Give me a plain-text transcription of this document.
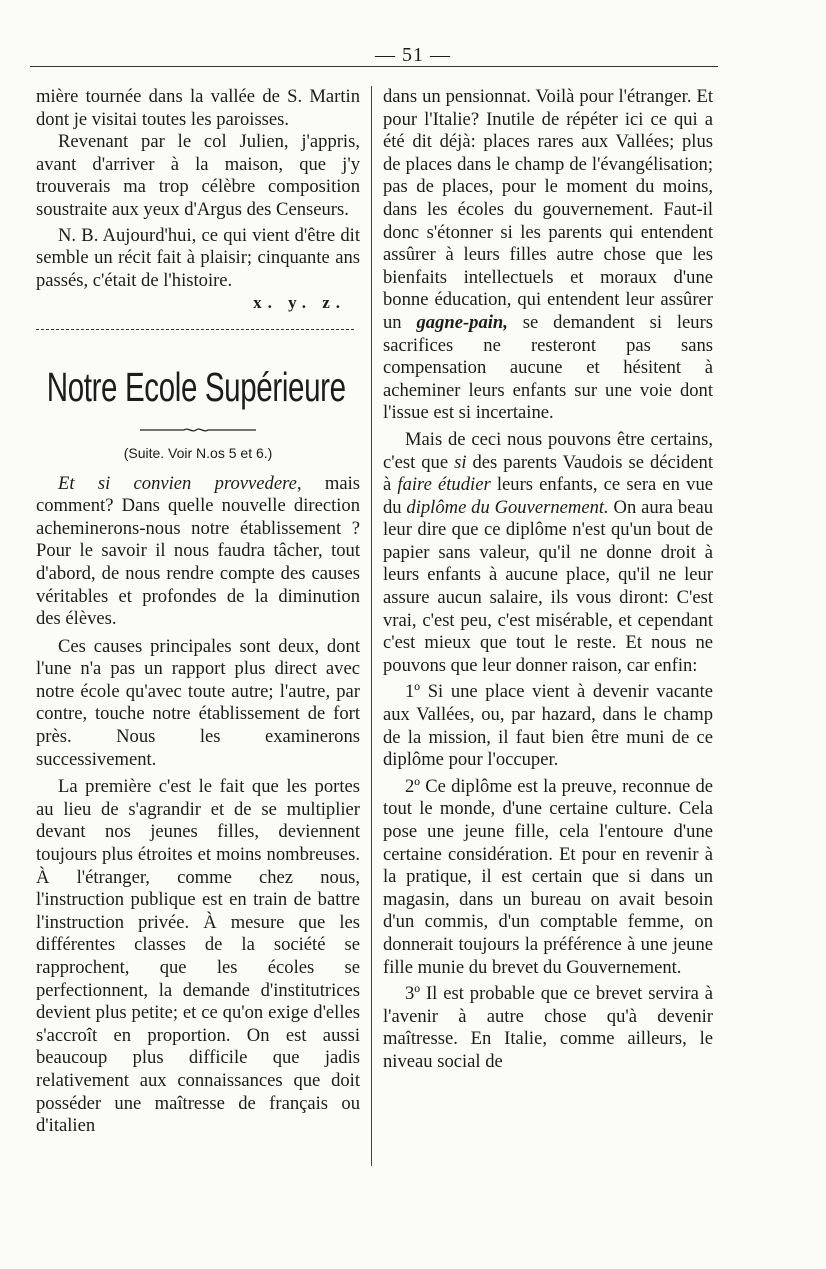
— 51 —

mière tournée dans la vallée de S. Martin dont je visitai toutes les paroisses.

Revenant par le col Julien, j'appris, avant d'arriver à la maison, que j'y trouverais ma trop célèbre composition soustraite aux yeux d'Argus des Censeurs.

N. B. Aujourd'hui, ce qui vient d'être dit semble un récit fait à plaisir; cinquante ans passés, c'était de l'histoire.

x. y. z.

Notre Ecole Supérieure
(Suite. Voir N.os 5 et 6.)

Et si convien provvedere, mais comment? Dans quelle nouvelle direction acheminerons-nous notre établissement ? Pour le savoir il nous faudra tâcher, tout d'abord, de nous rendre compte des causes véritables et profondes de la diminution des élèves.

Ces causes principales sont deux, dont l'une n'a pas un rapport plus direct avec notre école qu'avec toute autre; l'autre, par contre, touche notre établissement de fort près. Nous les examinerons successivement.

La première c'est le fait que les portes au lieu de s'agrandir et de se multiplier devant nos jeunes filles, deviennent toujours plus étroites et moins nombreuses. À l'étranger, comme chez nous, l'instruction publique est en train de battre l'instruction privée. À mesure que les différentes classes de la société se rapprochent, que les écoles se perfectionnent, la demande d'institutrices devient plus petite; et ce qu'on exige d'elles s'accroît en proportion. On est aussi beaucoup plus difficile que jadis relativement aux connaissances que doit posséder une maîtresse de français ou d'italien

dans un pensionnat. Voilà pour l'étranger. Et pour l'Italie? Inutile de répéter ici ce qui a été dit déjà: places rares aux Vallées; plus de places dans le champ de l'évangélisation; pas de places, pour le moment du moins, dans les écoles du gouvernement. Faut-il donc s'étonner si les parents qui entendent assûrer à leurs filles autre chose que les bienfaits intellectuels et moraux d'une bonne éducation, qui entendent leur assûrer un gagne-pain, se demandent si leurs sacrifices ne resteront pas sans compensation aucune et hésitent à acheminer leurs enfants sur une voie dont l'issue est si incertaine.

Mais de ceci nous pouvons être certains, c'est que si des parents Vaudois se décident à faire étudier leurs enfants, ce sera en vue du diplôme du Gouvernement. On aura beau leur dire que ce diplôme n'est qu'un bout de papier sans valeur, qu'il ne donne droit à leurs enfants à aucune place, qu'il ne leur assure aucun salaire, ils vous diront: C'est vrai, c'est peu, c'est misérable, et cependant c'est mieux que tout le reste. Et nous ne pouvons que leur donner raison, car enfin:

1º Si une place vient à devenir vacante aux Vallées, ou, par hazard, dans le champ de la mission, il faut bien être muni de ce diplôme pour l'occuper.

2º Ce diplôme est la preuve, reconnue de tout le monde, d'une certaine culture. Cela pose une jeune fille, cela l'entoure d'une certaine considération. Et pour en revenir à la pratique, il est certain que si dans un magasin, dans un bureau on avait besoin d'un commis, d'un comptable femme, on donnerait toujours la préférence à une jeune fille munie du brevet du Gouvernement.

3º Il est probable que ce brevet servira à l'avenir à autre chose qu'à devenir maîtresse. En Italie, comme ailleurs, le niveau social de
